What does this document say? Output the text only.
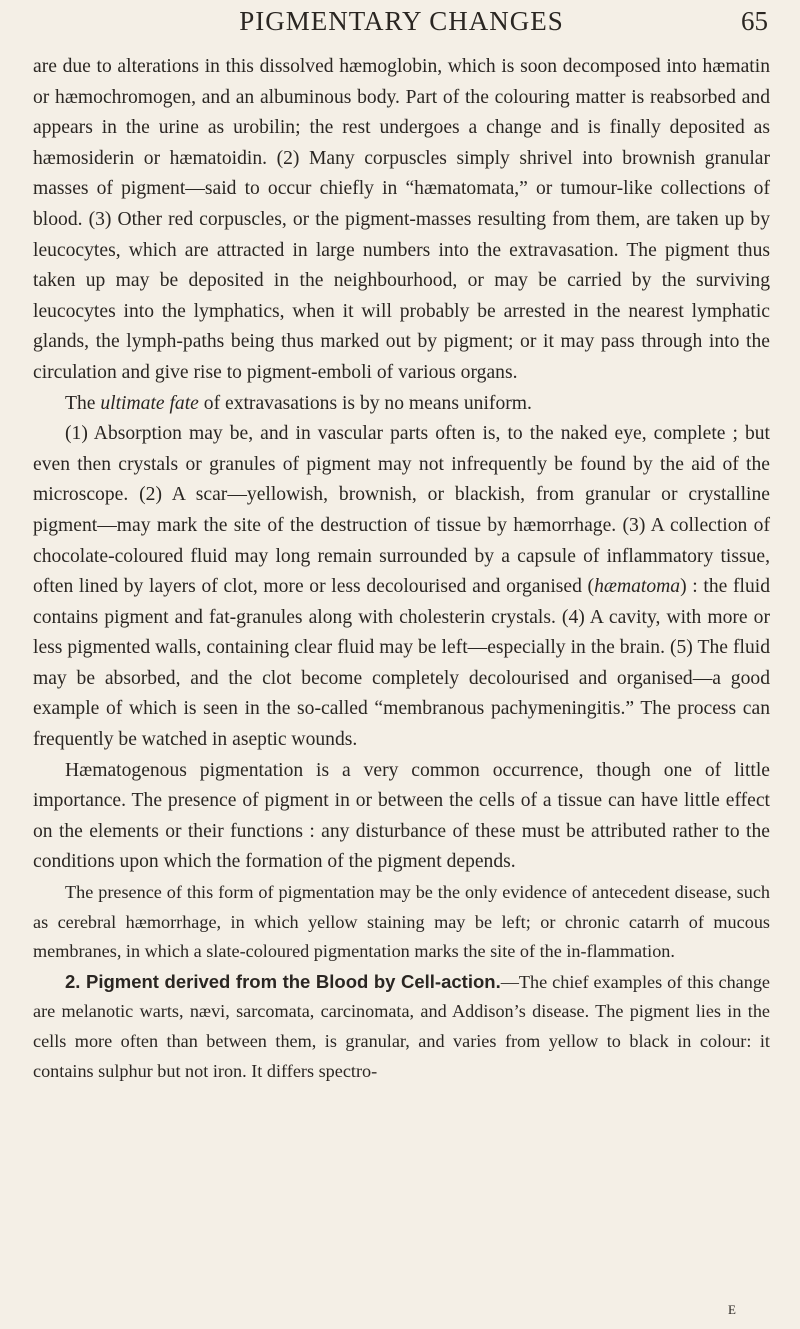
PIGMENTARY CHANGES	65

are due to alterations in this dissolved hæmoglobin, which is soon decomposed into hæmatin or hæmochromogen, and an albuminous body. Part of the colouring matter is reabsorbed and appears in the urine as urobilin; the rest undergoes a change and is finally deposited as hæmosiderin or hæmatoidin. (2) Many corpuscles simply shrivel into brownish granular masses of pigment—said to occur chiefly in “hæmatomata,” or tumour-like collections of blood. (3) Other red corpuscles, or the pigment-masses resulting from them, are taken up by leucocytes, which are attracted in large numbers into the extravasation. The pigment thus taken up may be deposited in the neighbourhood, or may be carried by the surviving leucocytes into the lymphatics, when it will probably be arrested in the nearest lymphatic glands, the lymph-paths being thus marked out by pigment; or it may pass through into the circulation and give rise to pigment-emboli of various organs.

The ultimate fate of extravasations is by no means uniform.

(1) Absorption may be, and in vascular parts often is, to the naked eye, complete ; but even then crystals or granules of pigment may not infrequently be found by the aid of the microscope. (2) A scar—yellowish, brownish, or blackish, from granular or crystalline pigment—may mark the site of the destruction of tissue by hæmorrhage. (3) A collection of chocolate-coloured fluid may long remain surrounded by a capsule of inflammatory tissue, often lined by layers of clot, more or less decolourised and organised (hæmatoma) : the fluid contains pigment and fat-granules along with cholesterin crystals. (4) A cavity, with more or less pigmented walls, containing clear fluid may be left—especially in the brain. (5) The fluid may be absorbed, and the clot become completely decolourised and organised—a good example of which is seen in the so-called “membranous pachymeningitis.” The process can frequently be watched in aseptic wounds.

Hæmatogenous pigmentation is a very common occurrence, though one of little importance. The presence of pigment in or between the cells of a tissue can have little effect on the elements or their functions : any disturbance of these must be attributed rather to the conditions upon which the formation of the pigment depends.

The presence of this form of pigmentation may be the only evidence of antecedent disease, such as cerebral hæmorrhage, in which yellow staining may be left; or chronic catarrh of mucous membranes, in which a slate-coloured pigmentation marks the site of the in-flammation.

2. Pigment derived from the Blood by Cell-action.—The chief examples of this change are melanotic warts, nævi, sarcomata, carcinomata, and Addison’s disease. The pigment lies in the cells more often than between them, is granular, and varies from yellow to black in colour: it contains sulphur but not iron. It differs spectro-

E
